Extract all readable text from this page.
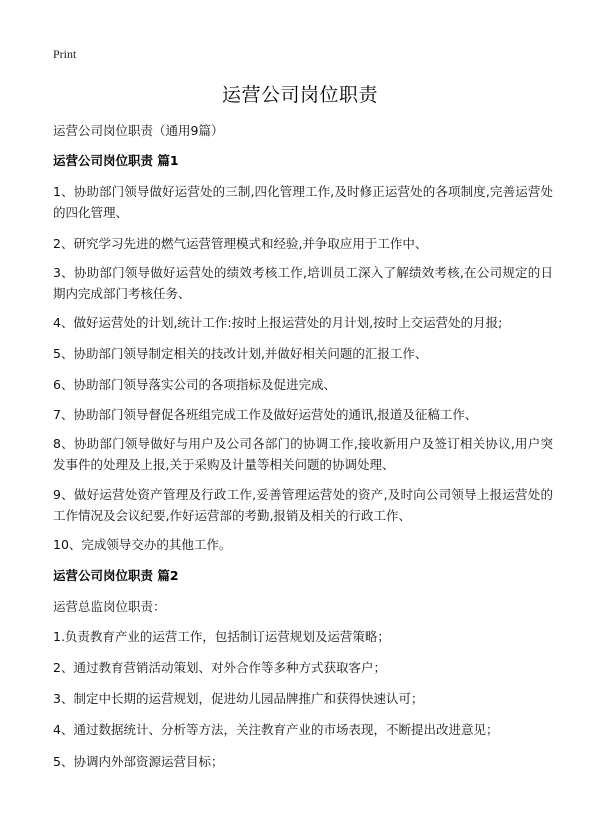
Print
运营公司岗位职责
运营公司岗位职责（通用9篇）

运营公司岗位职责 篇1

1、协助部门领导做好运营处的三制,四化管理工作,及时修正运营处的各项制度,完善运营处的四化管理、

2、研究学习先进的燃气运营管理模式和经验,并争取应用于工作中、

3、协助部门领导做好运营处的绩效考核工作,培训员工深入了解绩效考核,在公司规定的日期内完成部门考核任务、

4、做好运营处的计划,统计工作:按时上报运营处的月计划,按时上交运营处的月报;

5、协助部门领导制定相关的技改计划,并做好相关问题的汇报工作、

6、协助部门领导落实公司的各项指标及促进完成、

7、协助部门领导督促各班组完成工作及做好运营处的通讯,报道及征稿工作、

8、协助部门领导做好与用户及公司各部门的协调工作,接收新用户及签订相关协议,用户突发事件的处理及上报,关于采购及计量等相关问题的协调处理、

9、做好运营处资产管理及行政工作,妥善管理运营处的资产,及时向公司领导上报运营处的工作情况及会议纪要,作好运营部的考勤,报销及相关的行政工作、

10、完成领导交办的其他工作。

运营公司岗位职责 篇2

运营总监岗位职责：

1.负责教育产业的运营工作，包括制订运营规划及运营策略；

2、通过教育营销活动策划、对外合作等多种方式获取客户；

3、制定中长期的运营规划，促进幼儿园品牌推广和获得快速认可；

4、通过数据统计、分析等方法，关注教育产业的市场表现，不断提出改进意见；

5、协调内外部资源运营目标；
